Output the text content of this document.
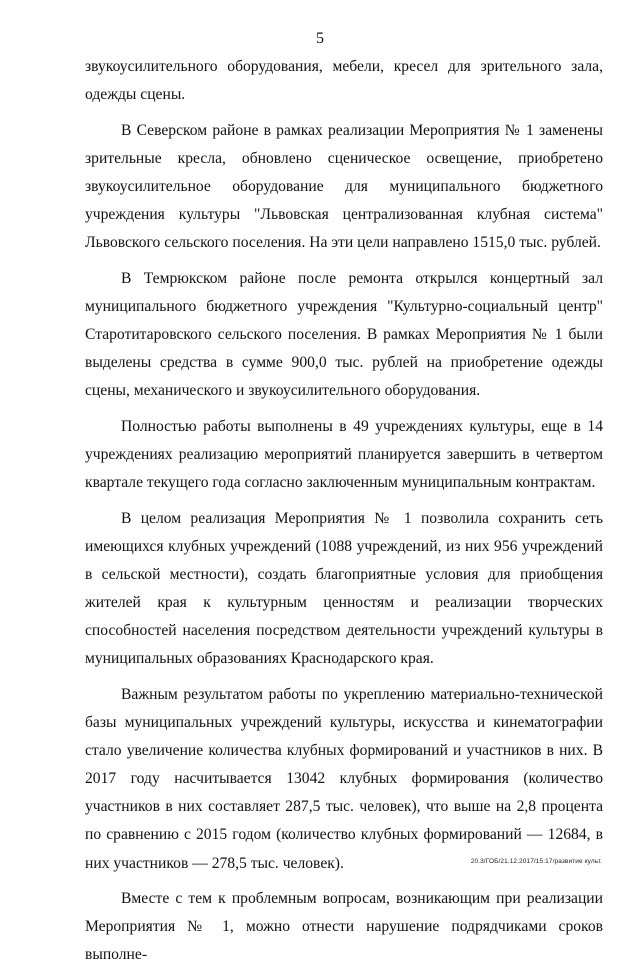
5

звукоусилительного оборудования, мебели, кресел для зрительного зала, одежды сцены.

В Северском районе в рамках реализации Мероприятия № 1 заменены зрительные кресла, обновлено сценическое освещение, приобретено звукоусилительное оборудование для муниципального бюджетного учреждения культуры "Львовская централизованная клубная система" Львовского сельского поселения. На эти цели направлено 1515,0 тыс. рублей.

В Темрюкском районе после ремонта открылся концертный зал муниципального бюджетного учреждения "Культурно-социальный центр" Старотитаровского сельского поселения. В рамках Мероприятия № 1 были выделены средства в сумме 900,0 тыс. рублей на приобретение одежды сцены, механического и звукоусилительного оборудования.

Полностью работы выполнены в 49 учреждениях культуры, еще в 14 учреждениях реализацию мероприятий планируется завершить в четвертом квартале текущего года согласно заключенным муниципальным контрактам.

В целом реализация Мероприятия № 1 позволила сохранить сеть имеющихся клубных учреждений (1088 учреждений, из них 956 учреждений в сельской местности), создать благоприятные условия для приобщения жителей края к культурным ценностям и реализации творческих способностей населения посредством деятельности учреждений культуры в муниципальных образованиях Краснодарского края.

Важным результатом работы по укреплению материально-технической базы муниципальных учреждений культуры, искусства и кинематографии стало увеличение количества клубных формирований и участников в них. В 2017 году насчитывается 13042 клубных формирования (количество участников в них составляет 287,5 тыс. человек), что выше на 2,8 процента по сравнению с 2015 годом (количество клубных формирований — 12684, в них участников — 278,5 тыс. человек).

Вместе с тем к проблемным вопросам, возникающим при реализации Мероприятия № 1, можно отнести нарушение подрядчиками сроков выполне-

20.3/ГОБ/21.12.2017/15:17/развитие культ.
